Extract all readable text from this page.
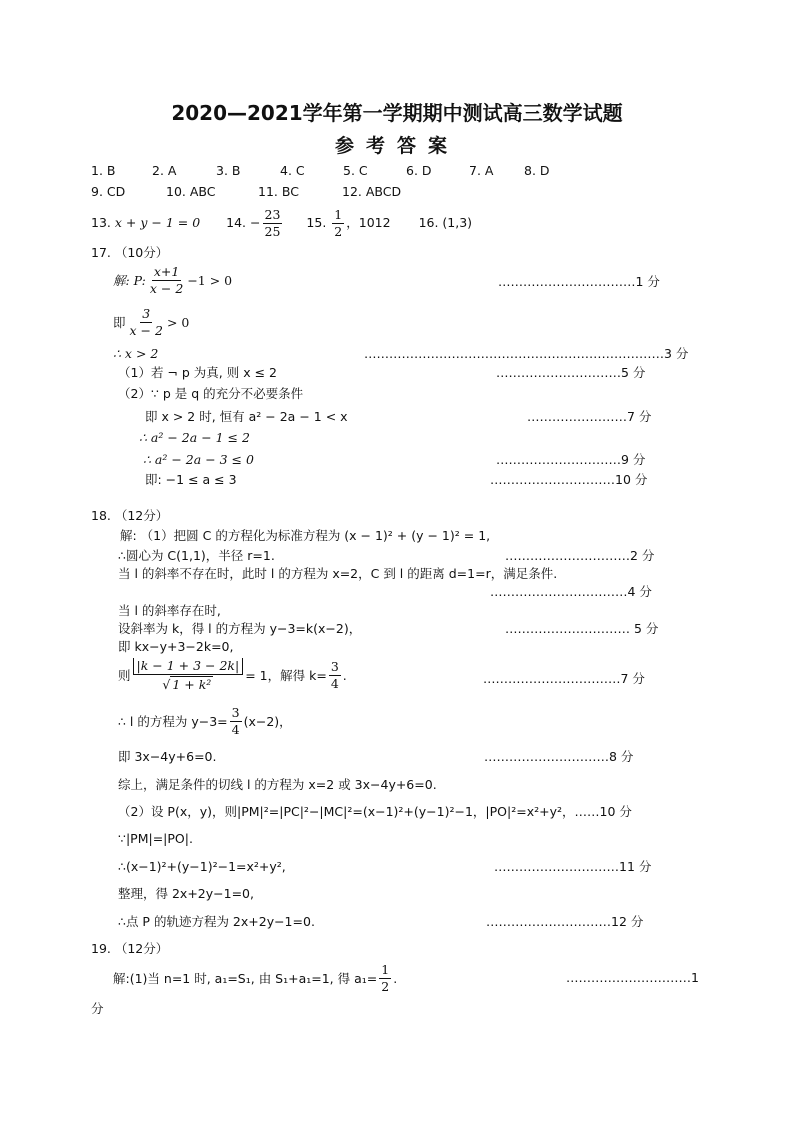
2020—2021学年第一学期期中测试高三数学试题
参考答案
1. B	2. A	3. B	4. C	5. C	6. D	7. A 8. D
9. CD	10. ABC	11. BC	12. ABCD
13.
x + y − 1 = 0 14.
− $\frac{23}{25} 15$.
$\frac{1}{2}$ ，1012 16. (1,3)
17. （10分）
解: P: $\frac{x+1}{x - 2} -1 > 0$	……………………………1 分
即 $\frac{3}{x - 2} > 0$
∴ x > 2	………………………………………………………………3 分
（1）若 ¬ p 为真, 则 x ≤ 2	…………………………5 分
（2）∵ p 是 q 的充分不必要条件
即 x > 2 时, 恒有 a² − 2a − 1 < x	……………………7 分
∴ a² − 2a − 1 ≤ 2
∴ a² − 2a − 3 ≤ 0	…………………………9 分
即: −1 ≤ a ≤ 3	…………………………10 分
18. （12分）
解: （1）把圆 C 的方程化为标准方程为 (x − 1)² + (y − 1)² = 1,
∴圆心为 C(1,1)，半径 r=1.	…………………………2 分
当 l 的斜率不存在时，此时 l 的方程为 x=2，C 到 l 的距离 d=1=r，满足条件.
……………………………4 分
当 l 的斜率存在时,
设斜率为 k，得 l 的方程为 y−3=k(x−2)，	………………………… 5 分
即 kx−y+3−2k=0,
则 $\frac{|k - 1 + 3 - 2k|}{\text{√ 1 + k²}} = 1$，解得 $k= \frac{3}{4}$ .	……………………………7 分
∴ l 的方程为 $y-3= \frac{3}{4} (x-2)$，
即 3x−4y+6=0.	…………………………8 分
综上，满足条件的切线 l 的方程为 x=2 或 3x−4y+6=0.
（2）设 P(x，y)，则|PM|²=|PC|²−|MC|²=(x−1)²+(y−1)²−1，|PO|²=x²+y²，……10 分
∵|PM|=|PO|.
∴(x−1)²+(y−1)²−1=x²+y²,	…………………………11 分
整理，得 2x+2y−1=0,
∴点 P 的轨迹方程为 2x+2y−1=0.	…………………………12 分
19. （12分）
解:(1)当 n=1 时, a₁=S₁, 由 S₁+a₁=1, 得 $a_1= \frac{1}{2}$ .	…………………………1
分
